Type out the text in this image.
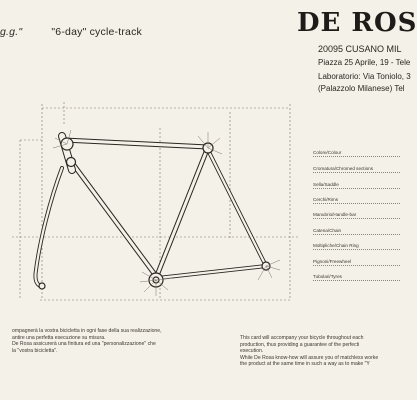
g.g."	"6-day" cycle-track	DE ROS
20095 CUSANO MIL
Piazza 25 Aprile, 19 - Tele
Laboratorio: Via Toniolo, 3
(Palazzolo Milanese) Tel
Colore/Colour
Cromatura/Chromed sections
Sella/Saddle
Cerchi/Rims
Manubrio/Handle-bar
Catena/Chain
Moltipliche/Chain Ring
Pignoni/Freewheel
Tubolari/Tyres
ompagnerà la vostra bicicletta in ogni fase della sua realizzazione,
antire una perfetta esecuzione su misura.
De Rosa assicurerà una finitura ed una "personalizzazione" che
la "vostra bicicletta".
This card will accompany your bicycle throughout each
production, thus providing a guarantee of the perfecti
execution.
While De Rosa know-how will assure you of matchless worke
the product at the same time in such a way as to make "Y
